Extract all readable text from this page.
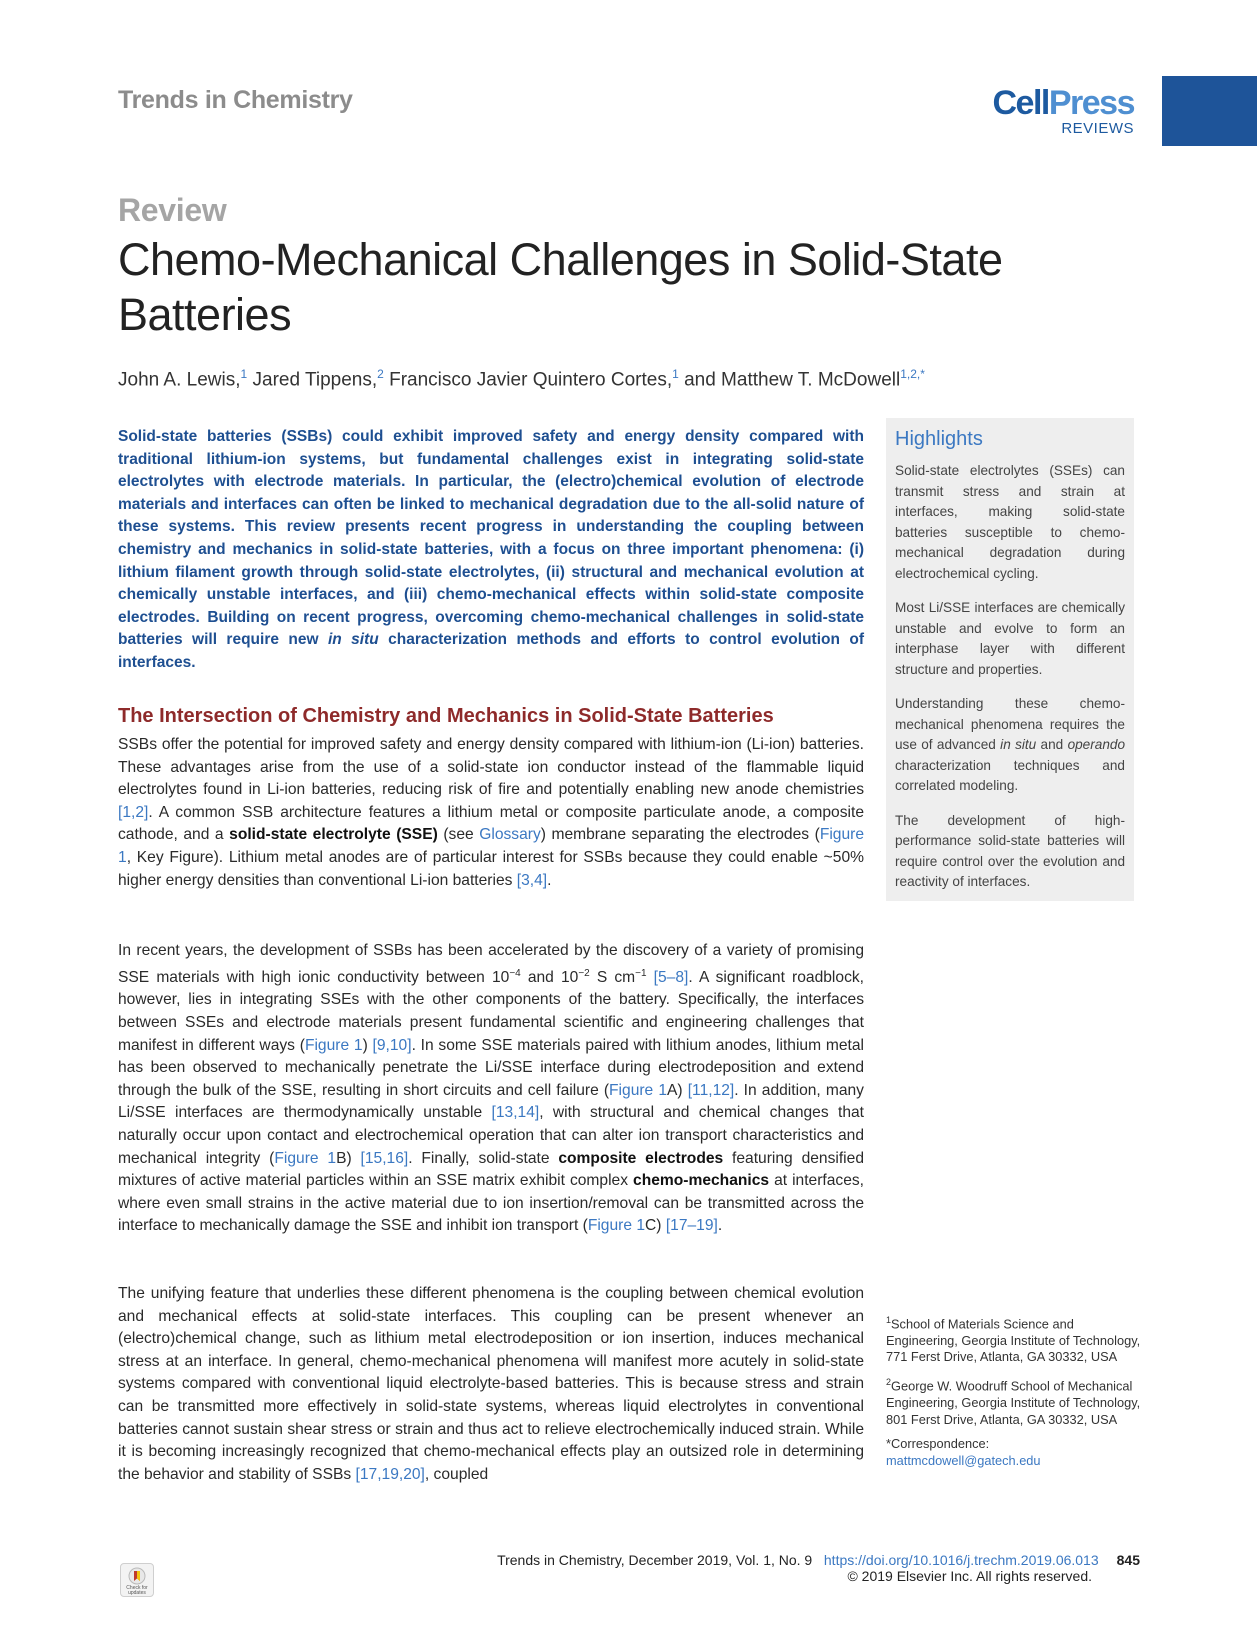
Trends in Chemistry	CellPress
REVIEWS
Review
Chemo-Mechanical Challenges in Solid-State Batteries
John A. Lewis,$^1$ Jared Tippens,$^2$ Francisco Javier Quintero Cortes,$^1$ and Matthew T. McDowell$^{1,2,*}$
Solid-state batteries (SSBs) could exhibit improved safety and energy density compared with traditional lithium-ion systems, but fundamental challenges exist in integrating solid-state electrolytes with electrode materials. In particular, the (electro)chemical evolution of electrode materials and interfaces can often be linked to mechanical degradation due to the all-solid nature of these systems. This review presents recent progress in understanding the coupling between chemistry and mechanics in solid-state batteries, with a focus on three important phenomena: (i) lithium filament growth through solid-state electrolytes, (ii) structural and mechanical evolution at chemically unstable interfaces, and (iii) chemo-mechanical effects within solid-state composite electrodes. Building on recent progress, overcoming chemo-mechanical challenges in solid-state batteries will require new in situ characterization methods and efforts to control evolution of interfaces.
Highlights
Solid-state electrolytes (SSEs) can transmit stress and strain at interfaces, making solid-state batteries susceptible to chemo-mechanical degradation during electrochemical cycling.
Most Li/SSE interfaces are chemically unstable and evolve to form an interphase layer with different structure and properties.
Understanding these chemo-mechanical phenomena requires the use of advanced in situ and operando characterization techniques and correlated modeling.
The development of high-performance solid-state batteries will require control over the evolution and reactivity of interfaces.
The Intersection of Chemistry and Mechanics in Solid-State Batteries
SSBs offer the potential for improved safety and energy density compared with lithium-ion (Li-ion) batteries. These advantages arise from the use of a solid-state ion conductor instead of the flammable liquid electrolytes found in Li-ion batteries, reducing risk of fire and potentially enabling new anode chemistries [1,2]. A common SSB architecture features a lithium metal or composite particulate anode, a composite cathode, and a solid-state electrolyte (SSE) (see Glossary) membrane separating the electrodes (Figure 1, Key Figure). Lithium metal anodes are of particular interest for SSBs because they could enable ~50% higher energy densities than conventional Li-ion batteries [3,4].
In recent years, the development of SSBs has been accelerated by the discovery of a variety of promising SSE materials with high ionic conductivity between $10^{-4}$ and $10^{-2}$ S $cm^{-1}$ [5–8]. A significant roadblock, however, lies in integrating SSEs with the other components of the battery. Specifically, the interfaces between SSEs and electrode materials present fundamental scientific and engineering challenges that manifest in different ways (Figure 1) [9,10]. In some SSE materials paired with lithium anodes, lithium metal has been observed to mechanically penetrate the Li/SSE interface during electrodeposition and extend through the bulk of the SSE, resulting in short circuits and cell failure (Figure 1A) [11,12]. In addition, many Li/SSE interfaces are thermodynamically unstable [13,14], with structural and chemical changes that naturally occur upon contact and electrochemical operation that can alter ion transport characteristics and mechanical integrity (Figure 1B) [15,16]. Finally, solid-state composite electrodes featuring densified mixtures of active material particles within an SSE matrix exhibit complex chemo-mechanics at interfaces, where even small strains in the active material due to ion insertion/removal can be transmitted across the interface to mechanically damage the SSE and inhibit ion transport (Figure 1C) [17–19].
The unifying feature that underlies these different phenomena is the coupling between chemical evolution and mechanical effects at solid-state interfaces. This coupling can be present whenever an (electro)chemical change, such as lithium metal electrodeposition or ion insertion, induces mechanical stress at an interface. In general, chemo-mechanical phenomena will manifest more acutely in solid-state systems compared with conventional liquid electrolyte-based batteries. This is because stress and strain can be transmitted more effectively in solid-state systems, whereas liquid electrolytes in conventional batteries cannot sustain shear stress or strain and thus act to relieve electrochemically induced strain. While it is becoming increasingly recognized that chemo-mechanical effects play an outsized role in determining the behavior and stability of SSBs [17,19,20], coupled

$^1$School of Materials Science and Engineering, Georgia Institute of Technology, 771 Ferst Drive, Atlanta, GA 30332, USA

$^2$George W. Woodruff School of Mechanical Engineering, Georgia Institute of Technology, 801 Ferst Drive, Atlanta, GA 30332, USA

*Correspondence:
mattmcdowell@gatech.edu

Check for updates
Trends in Chemistry, December 2019, Vol. 1, No. 9 https://doi.org/10.1016/j.trechm.2019.06.013 845
© 2019 Elsevier Inc. All rights reserved.
